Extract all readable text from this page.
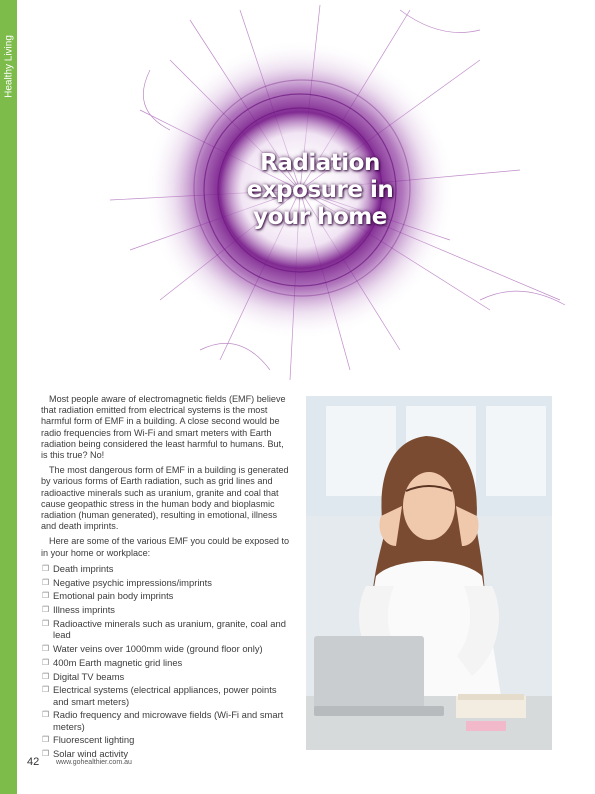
Healthy Living
Radiation
exposure in
your home

Most people aware of electromagnetic fields (EMF) believe that radiation emitted from electrical systems is the most harmful form of EMF in a building. A close second would be radio frequencies from Wi-Fi and smart meters with Earth radiation being considered the least harmful to humans. But, is this true? No!

The most dangerous form of EMF in a building is generated by various forms of Earth radiation, such as grid lines and radioactive minerals such as uranium, granite and coal that cause geopathic stress in the human body and bioplasmic radiation (human generated), resulting in emotional, illness and death imprints.

Here are some of the various EMF you could be exposed to in your home or workplace:

❒ Death imprints
❒ Negative psychic impressions/imprints
❒ Emotional pain body imprints
❒ Illness imprints
❒ Radioactive minerals such as uranium, granite, coal and lead
❒ Water veins over 1000mm wide (ground floor only)
❒ 400m Earth magnetic grid lines
❒ Digital TV beams
❒ Electrical systems (electrical appliances, power points and smart meters)
❒ Radio frequency and microwave fields (Wi-Fi and smart meters)
❒ Fluorescent lighting
❒ Solar wind activity
42 www.gohealthier.com.au
